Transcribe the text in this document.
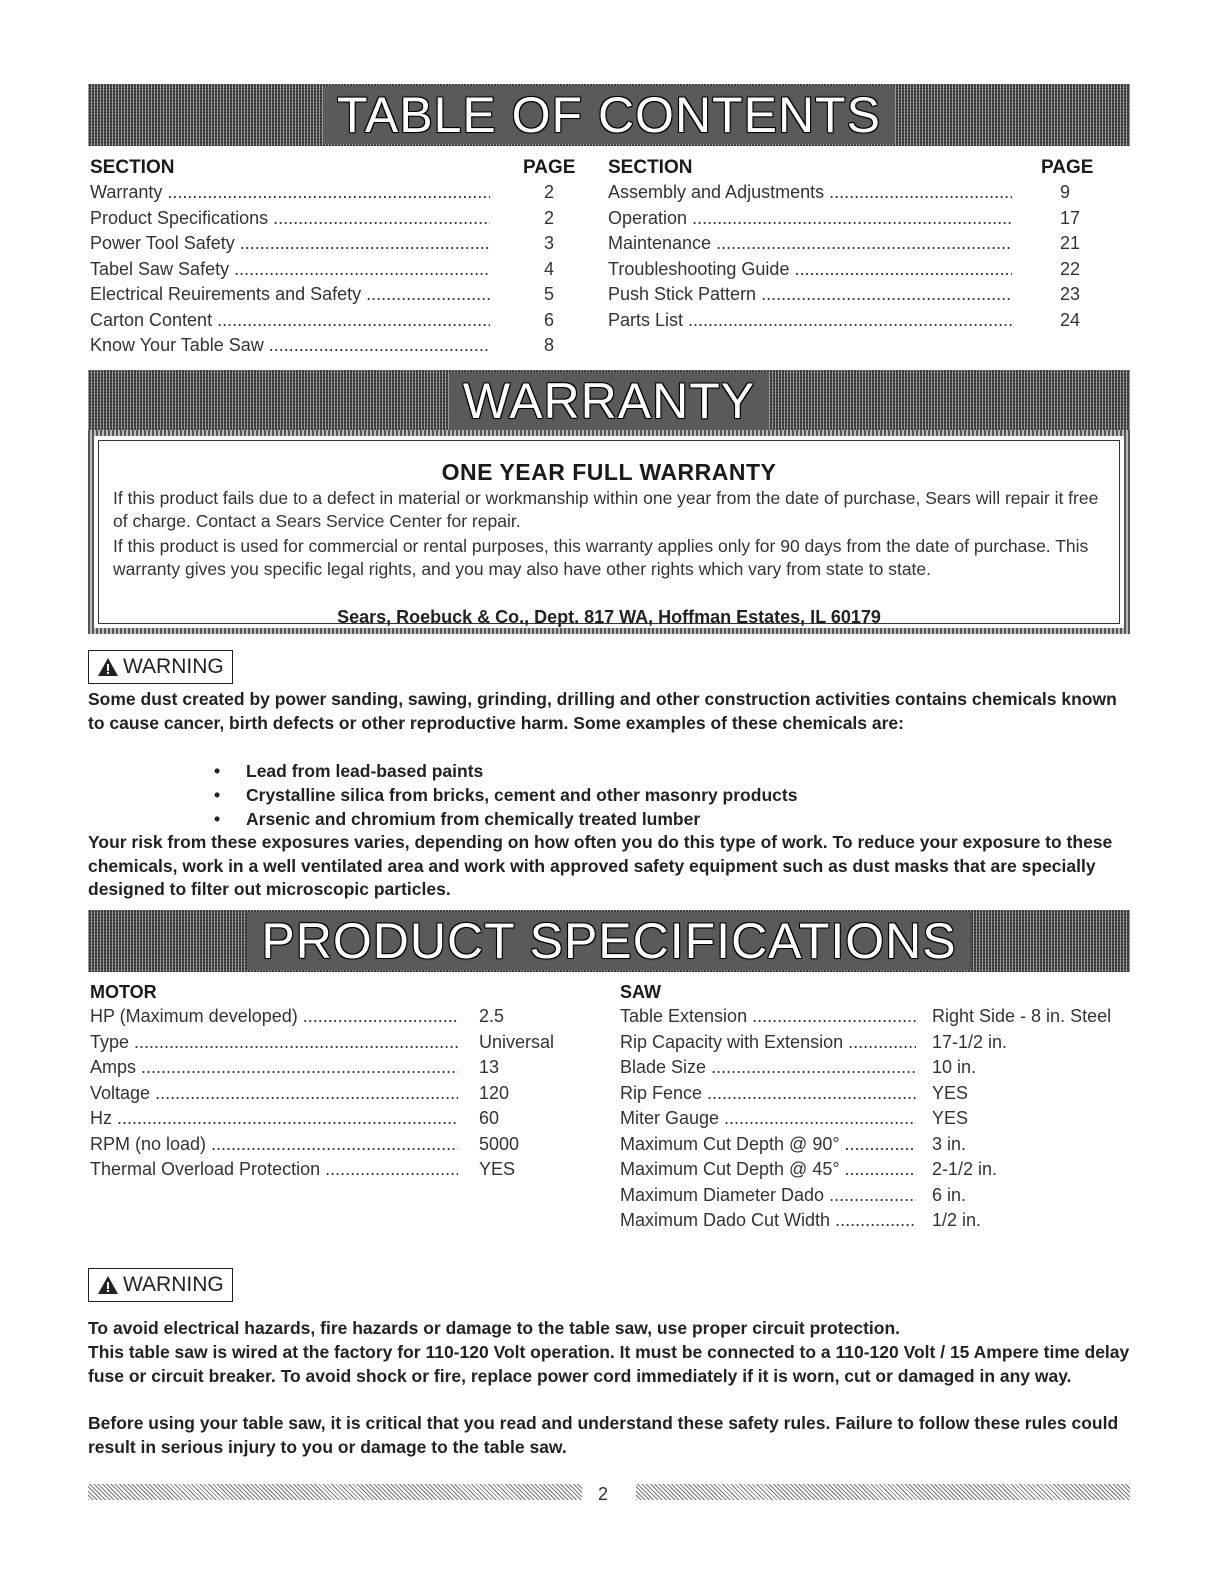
TABLE OF CONTENTS
SECTION	PAGE SECTION	PAGE
Warranty .....	2
Product Specifications .....	2
Power Tool Safety .....	3
Tabel Saw Safety .....	4
Electrical Reuirements and Safety .....	5
Carton Content .....	6
Know Your Table Saw .....	8
Assembly and Adjustments .....	9
Operation .....	17
Maintenance .....	21
Troubleshooting Guide .....	22
Push Stick Pattern .....	23
Parts List .....	24
WARRANTY
ONE YEAR FULL WARRANTY
If this product fails due to a defect in material or workmanship within one year from the date of purchase, Sears will repair it free of charge. Contact a Sears Service Center for repair.
If this product is used for commercial or rental purposes, this warranty applies only for 90 days from the date of purchase. This warranty gives you specific legal rights, and you may also have other rights which vary from state to state.
Sears, Roebuck & Co., Dept. 817 WA, Hoffman Estates, IL 60179
WARNING
Some dust created by power sanding, sawing, grinding, drilling and other construction activities contains chemicals known to cause cancer, birth defects or other reproductive harm. Some examples of these chemicals are:
• Lead from lead-based paints
• Crystalline silica from bricks, cement and other masonry products
• Arsenic and chromium from chemically treated lumber
Your risk from these exposures varies, depending on how often you do this type of work. To reduce your exposure to these chemicals, work in a well ventilated area and work with approved safety equipment such as dust masks that are specially designed to filter out microscopic particles.
PRODUCT SPECIFICATIONS
MOTOR	SAW
HP (Maximum developed) .....	2.5
Type .....	Universal
Amps .....	13
Voltage .....	120
Hz .....	60
RPM (no load) .....	5000
Thermal Overload Protection .....	YES
Table Extension .....	Right Side - 8 in. Steel
Rip Capacity with Extension .....	17-1/2 in.
Blade Size .....	10 in.
Rip Fence .....	YES
Miter Gauge .....	YES
Maximum Cut Depth @ 90° .....	3 in.
Maximum Cut Depth @ 45° .....	2-1/2 in.
Maximum Diameter Dado .....	6 in.
Maximum Dado Cut Width .....	1/2 in.
WARNING
To avoid electrical hazards, fire hazards or damage to the table saw, use proper circuit protection.
This table saw is wired at the factory for 110-120 Volt operation. It must be connected to a 110-120 Volt / 15 Ampere time delay fuse or circuit breaker. To avoid shock or fire, replace power cord immediately if it is worn, cut or damaged in any way.
Before using your table saw, it is critical that you read and understand these safety rules. Failure to follow these rules could result in serious injury to you or damage to the table saw.
2
